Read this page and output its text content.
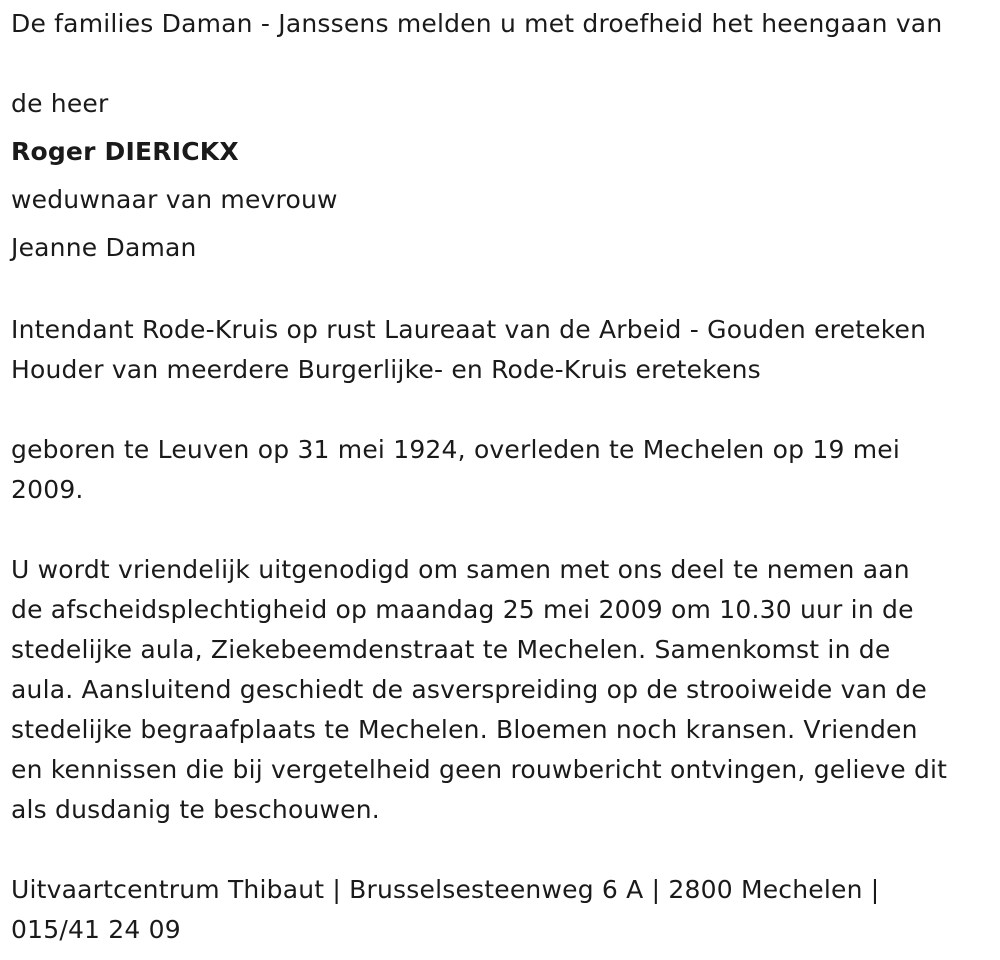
De families Daman - Janssens melden u met droefheid het heengaan van

de heer

Roger DIERICKX

weduwnaar van mevrouw

Jeanne Daman

Intendant Rode-Kruis op rust Laureaat van de Arbeid - Gouden ereteken
Houder van meerdere Burgerlijke- en Rode-Kruis eretekens
geboren te Leuven op 31 mei 1924, overleden te Mechelen op 19 mei
2009.
U wordt vriendelijk uitgenodigd om samen met ons deel te nemen aan
de afscheidsplechtigheid op maandag 25 mei 2009 om 10.30 uur in de
stedelijke aula, Ziekebeemdenstraat te Mechelen. Samenkomst in de
aula. Aansluitend geschiedt de asverspreiding op de strooiweide van de
stedelijke begraafplaats te Mechelen. Bloemen noch kransen. Vrienden
en kennissen die bij vergetelheid geen rouwbericht ontvingen, gelieve dit
als dusdanig te beschouwen.
Uitvaartcentrum Thibaut | Brusselsesteenweg 6 A | 2800 Mechelen |
015/41 24 09
